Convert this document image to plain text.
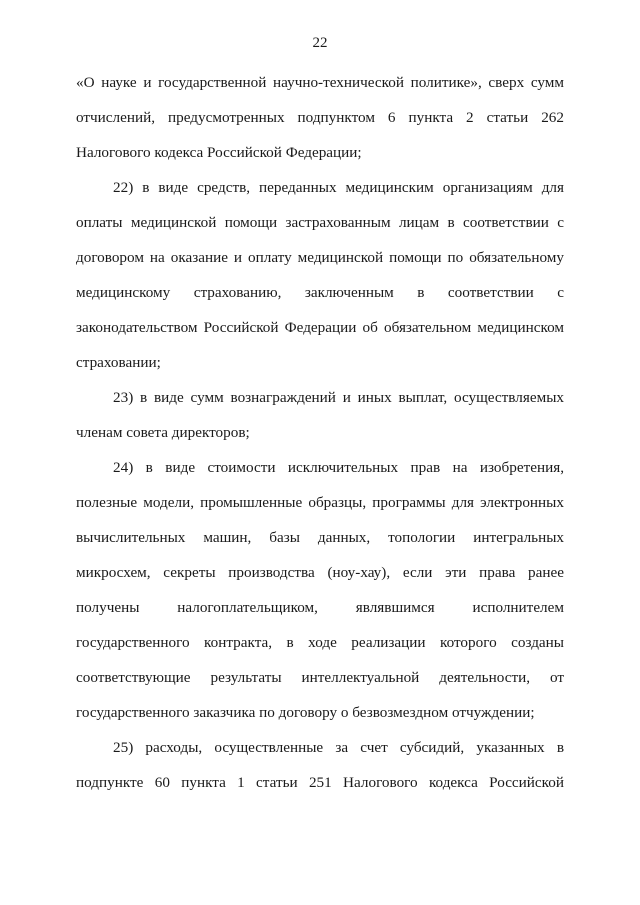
22
«О науке и государственной научно-технической политике», сверх сумм
отчислений, предусмотренных подпунктом 6 пункта 2 статьи 262
Налогового кодекса Российской Федерации;
22) в виде средств, переданных медицинским организациям для
оплаты медицинской помощи застрахованным лицам в соответствии с
договором на оказание и оплату медицинской помощи по обязательному
медицинскому страхованию, заключенным в соответствии с
законодательством Российской Федерации об обязательном медицинском
страховании;
23) в виде сумм вознаграждений и иных выплат, осуществляемых
членам совета директоров;
24) в виде стоимости исключительных прав на изобретения,
полезные модели, промышленные образцы, программы для электронных
вычислительных машин, базы данных, топологии интегральных
микросхем, секреты производства (ноу-хау), если эти права ранее
получены налогоплательщиком, являвшимся исполнителем
государственного контракта, в ходе реализации которого созданы
соответствующие результаты интеллектуальной деятельности, от
государственного заказчика по договору о безвозмездном отчуждении;
25) расходы, осуществленные за счет субсидий, указанных в
подпункте 60 пункта 1 статьи 251 Налогового кодекса Российской
